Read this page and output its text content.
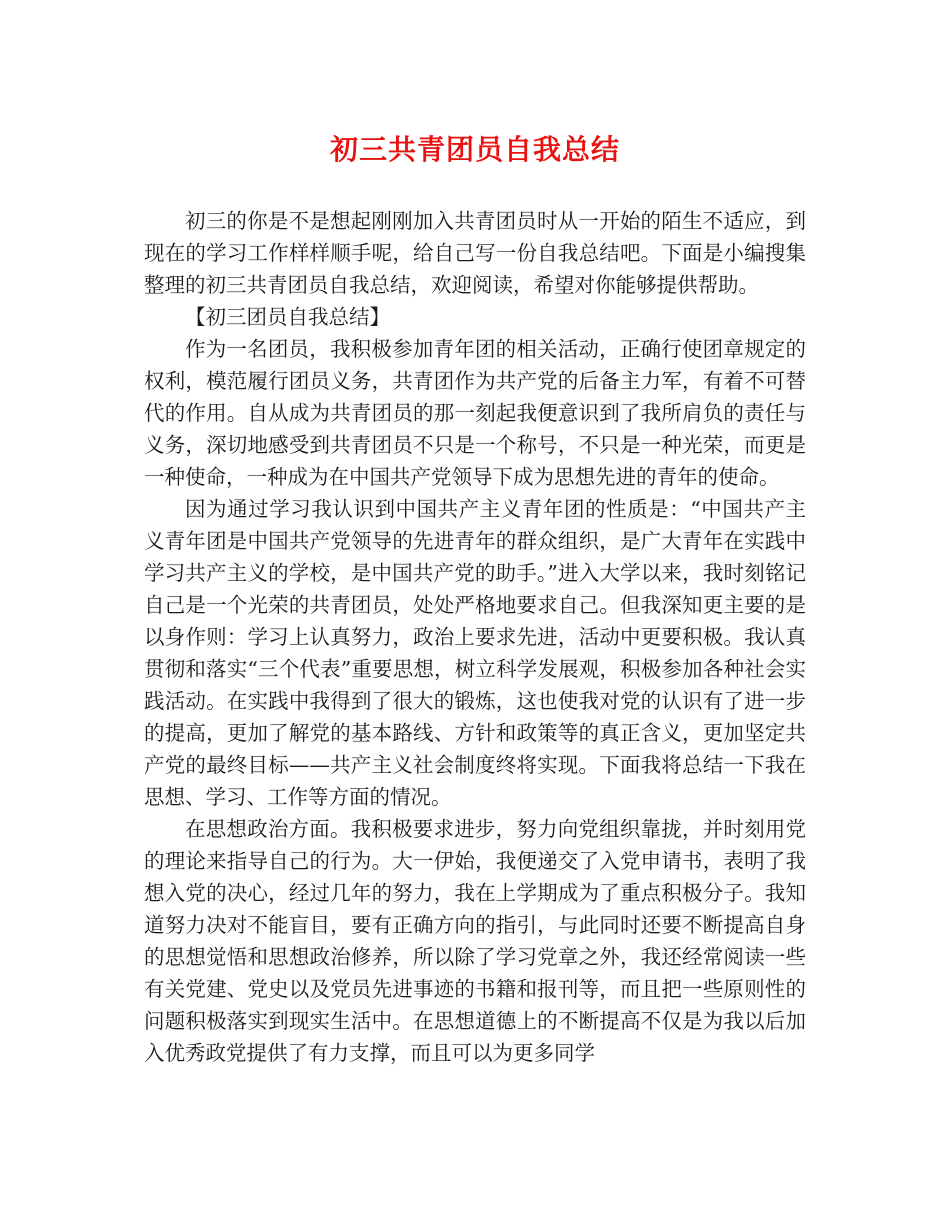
初三共青团员自我总结

初三的你是不是想起刚刚加入共青团员时从一开始的陌生不适应，到现在的学习工作样样顺手呢，给自己写一份自我总结吧。下面是小编搜集整理的初三共青团员自我总结，欢迎阅读，希望对你能够提供帮助。

【初三团员自我总结】

作为一名团员，我积极参加青年团的相关活动，正确行使团章规定的权利，模范履行团员义务，共青团作为共产党的后备主力军，有着不可替代的作用。自从成为共青团员的那一刻起我便意识到了我所肩负的责任与义务，深切地感受到共青团员不只是一个称号，不只是一种光荣，而更是一种使命，一种成为在中国共产党领导下成为思想先进的青年的使命。

因为通过学习我认识到中国共产主义青年团的性质是：“中国共产主义青年团是中国共产党领导的先进青年的群众组织，是广大青年在实践中学习共产主义的学校，是中国共产党的助手。”进入大学以来，我时刻铭记自己是一个光荣的共青团员，处处严格地要求自己。但我深知更主要的是以身作则：学习上认真努力，政治上要求先进，活动中更要积极。我认真贯彻和落实“三个代表”重要思想，树立科学发展观，积极参加各种社会实践活动。在实践中我得到了很大的锻炼，这也使我对党的认识有了进一步的提高，更加了解党的基本路线、方针和政策等的真正含义，更加坚定共产党的最终目标——共产主义社会制度终将实现。下面我将总结一下我在思想、学习、工作等方面的情况。

在思想政治方面。我积极要求进步，努力向党组织靠拢，并时刻用党的理论来指导自己的行为。大一伊始，我便递交了入党申请书，表明了我想入党的决心，经过几年的努力，我在上学期成为了重点积极分子。我知道努力决对不能盲目，要有正确方向的指引，与此同时还要不断提高自身的思想觉悟和思想政治修养，所以除了学习党章之外，我还经常阅读一些有关党建、党史以及党员先进事迹的书籍和报刊等，而且把一些原则性的问题积极落实到现实生活中。在思想道德上的不断提高不仅是为我以后加入优秀政党提供了有力支撑，而且可以为更多同学
